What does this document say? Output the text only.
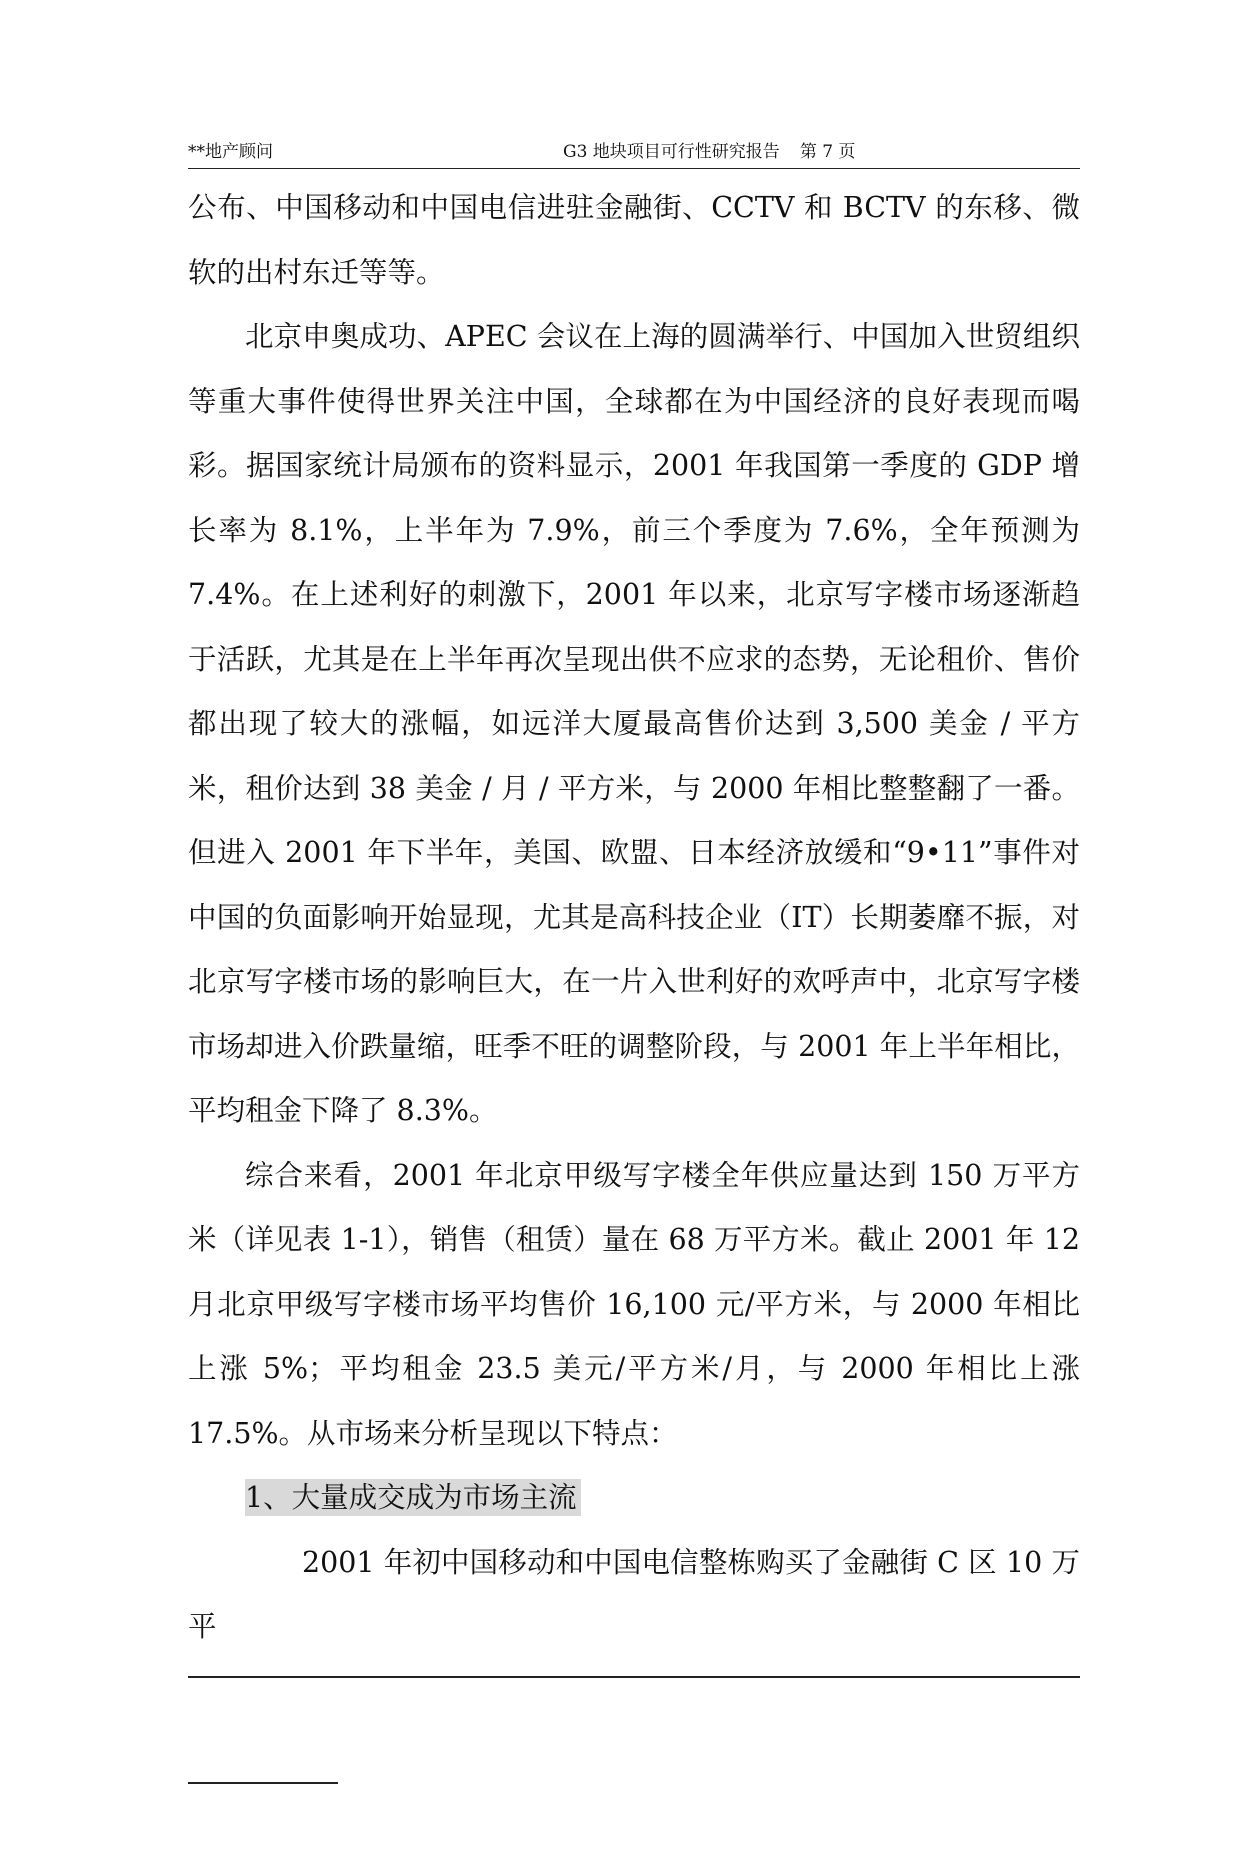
**地产顾问	G3 地块项目可行性研究报告 第 7 页

公布、中国移动和中国电信进驻金融街、CCTV 和 BCTV 的东移、微软的出村东迁等等。

北京申奥成功、APEC 会议在上海的圆满举行、中国加入世贸组织等重大事件使得世界关注中国，全球都在为中国经济的良好表现而喝彩。据国家统计局颁布的资料显示，2001 年我国第一季度的 GDP 增长率为 8.1%，上半年为 7.9%，前三个季度为 7.6%，全年预测为 7.4%。在上述利好的刺激下，2001 年以来，北京写字楼市场逐渐趋于活跃，尤其是在上半年再次呈现出供不应求的态势，无论租价、售价都出现了较大的涨幅，如远洋大厦最高售价达到 3,500 美金 / 平方米，租价达到 38 美金 / 月 / 平方米，与 2000 年相比整整翻了一番。但进入 2001 年下半年，美国、欧盟、日本经济放缓和“9•11”事件对中国的负面影响开始显现，尤其是高科技企业（IT）长期萎靡不振，对北京写字楼市场的影响巨大，在一片入世利好的欢呼声中，北京写字楼市场却进入价跌量缩，旺季不旺的调整阶段，与 2001 年上半年相比，平均租金下降了 8.3%。

综合来看，2001 年北京甲级写字楼全年供应量达到 150 万平方米（详见表 1-1），销售（租赁）量在 68 万平方米。截止 2001 年 12 月北京甲级写字楼市场平均售价 16,100 元/平方米，与 2000 年相比上涨 5%；平均租金 23.5 美元/平方米/月，与 2000 年相比上涨 17.5%。从市场来分析呈现以下特点：

1、大量成交成为市场主流

2001 年初中国移动和中国电信整栋购买了金融街 C 区 10 万平
